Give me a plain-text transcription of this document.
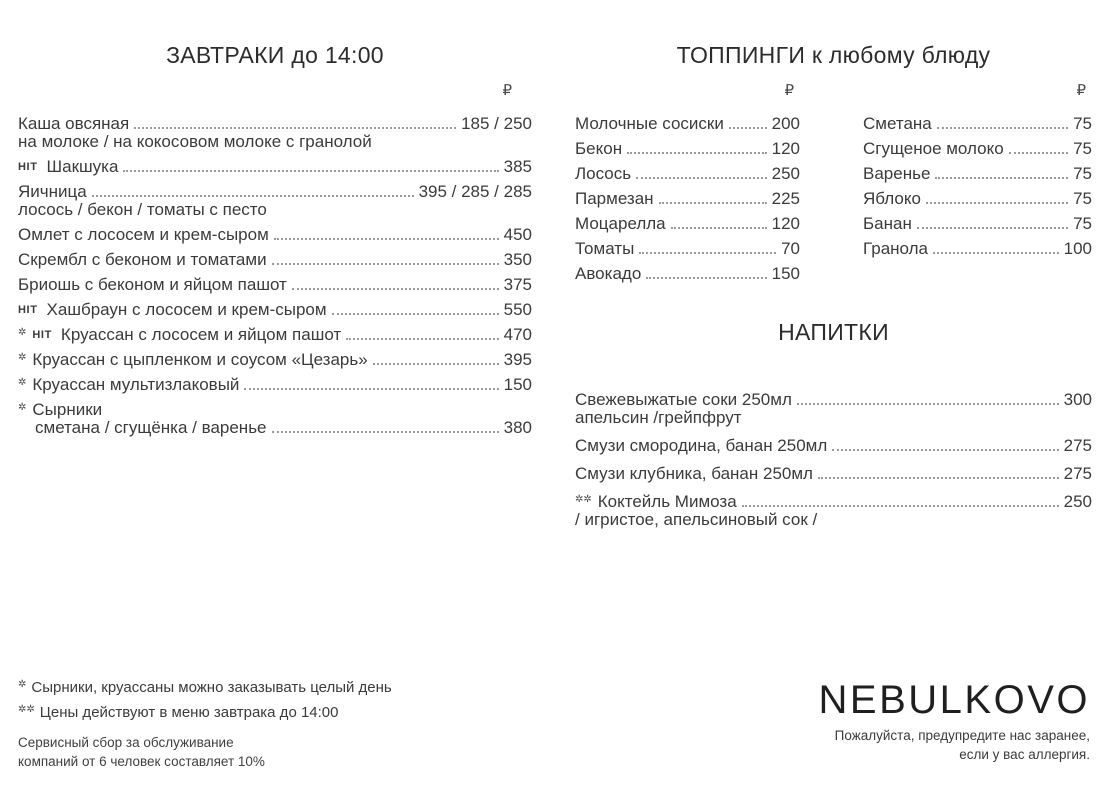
ЗАВТРАКИ до 14:00
₽
Каша овсяная	185 / 250
на молоке / на кокосовом молоке с гранолой
HIT Шакшука	385
Яичница	395 / 285 / 285
лосось / бекон / томаты с песто
Омлет с лососем и крем-сыром	450
Скрембл с беконом и томатами	350
Бриошь с беконом и яйцом пашот	375
HIT Хашбраун с лососем и крем-сыром	550
✲ HIT Круассан с лососем и яйцом пашот	470
✲ Круассан с цыпленком и соусом «Цезарь»	395
✲ Круассан мультизлаковый	150
✲ Сырники
сметана / сгущёнка / варенье	380
ТОППИНГИ к любому блюду
₽
Молочные сосиски	200
Бекон	120
Лосось	250
Пармезан	225
Моцарелла	120
Томаты	70
Авокадо	150
₽
Сметана	75
Сгущеное молоко	75
Варенье	75
Яблоко	75
Банан	75
Гранола	100
НАПИТКИ
Свежевыжатые соки 250мл	300
апельсин /грейпфрут
Смузи смородина, банан 250мл	275
Смузи клубника, банан 250мл	275
✲✲ Коктейль Мимоза	250
/ игристое, апельсиновый сок /
✲ Сырники, круассаны можно заказывать целый день
✲✲ Цены действуют в меню завтрака до 14:00
Сервисный сбор за обслуживание
компаний от 6 человек составляет 10%
NEBULKOVO
Пожалуйста, предупредите нас заранее,
если у вас аллергия.
